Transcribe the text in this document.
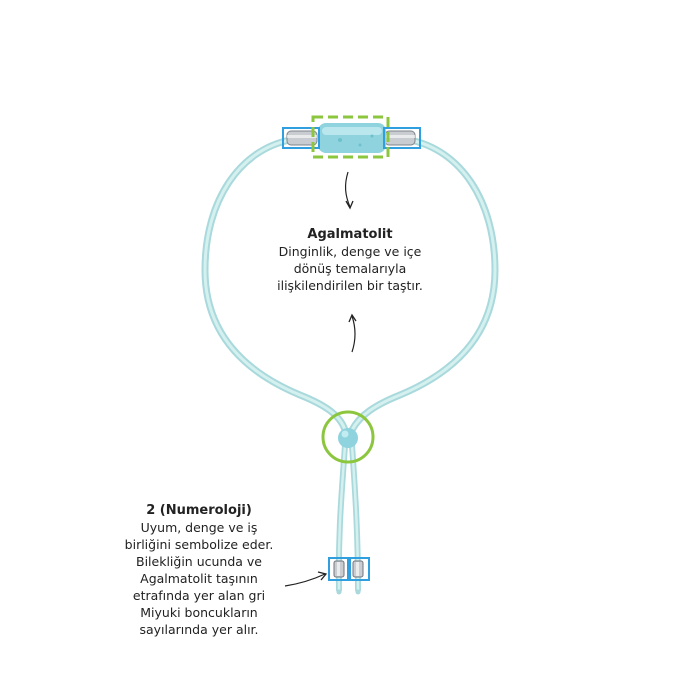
Agalmatolit
Dinginlik, denge ve içe
dönüş temalarıyla
ilişkilendirilen bir taştır.
2 (Numeroloji)
Uyum, denge ve iş
birliğini sembolize eder.
Bilekliğin ucunda ve
Agalmatolit taşının
etrafında yer alan gri
Miyuki boncukların
sayılarında yer alır.
